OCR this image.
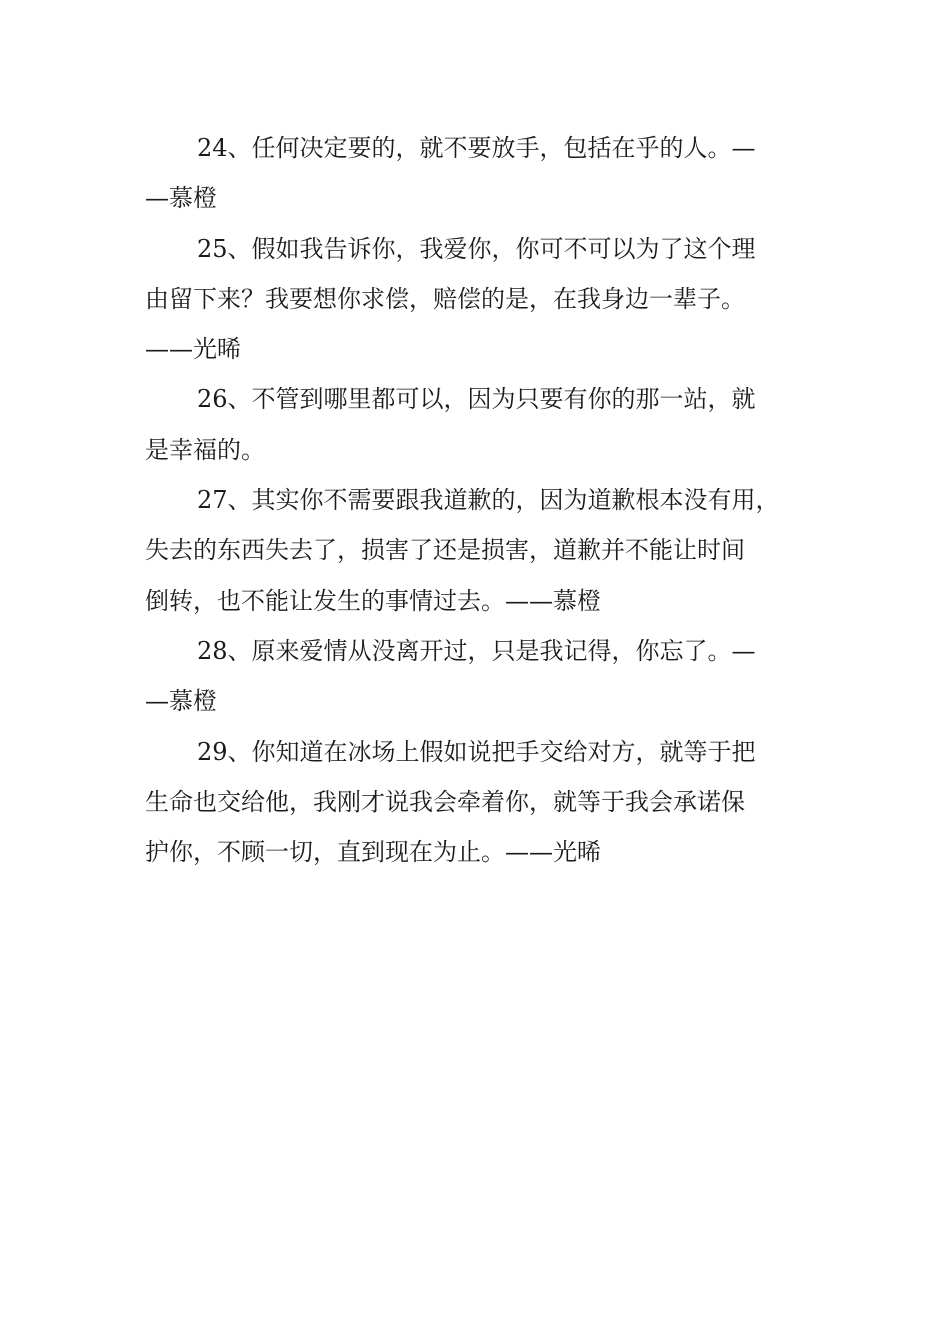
24、任何决定要的，就不要放手，包括在乎的人。—
—慕橙

25、假如我告诉你，我爱你，你可不可以为了这个理
由留下来？我要想你求偿，赔偿的是，在我身边一辈子。
——光晞

26、不管到哪里都可以，因为只要有你的那一站，就
是幸福的。

27、其实你不需要跟我道歉的，因为道歉根本没有用，
失去的东西失去了，损害了还是损害，道歉并不能让时间
倒转，也不能让发生的事情过去。——慕橙

28、原来爱情从没离开过，只是我记得，你忘了。—
—慕橙

29、你知道在冰场上假如说把手交给对方，就等于把
生命也交给他，我刚才说我会牵着你，就等于我会承诺保
护你，不顾一切，直到现在为止。——光晞
